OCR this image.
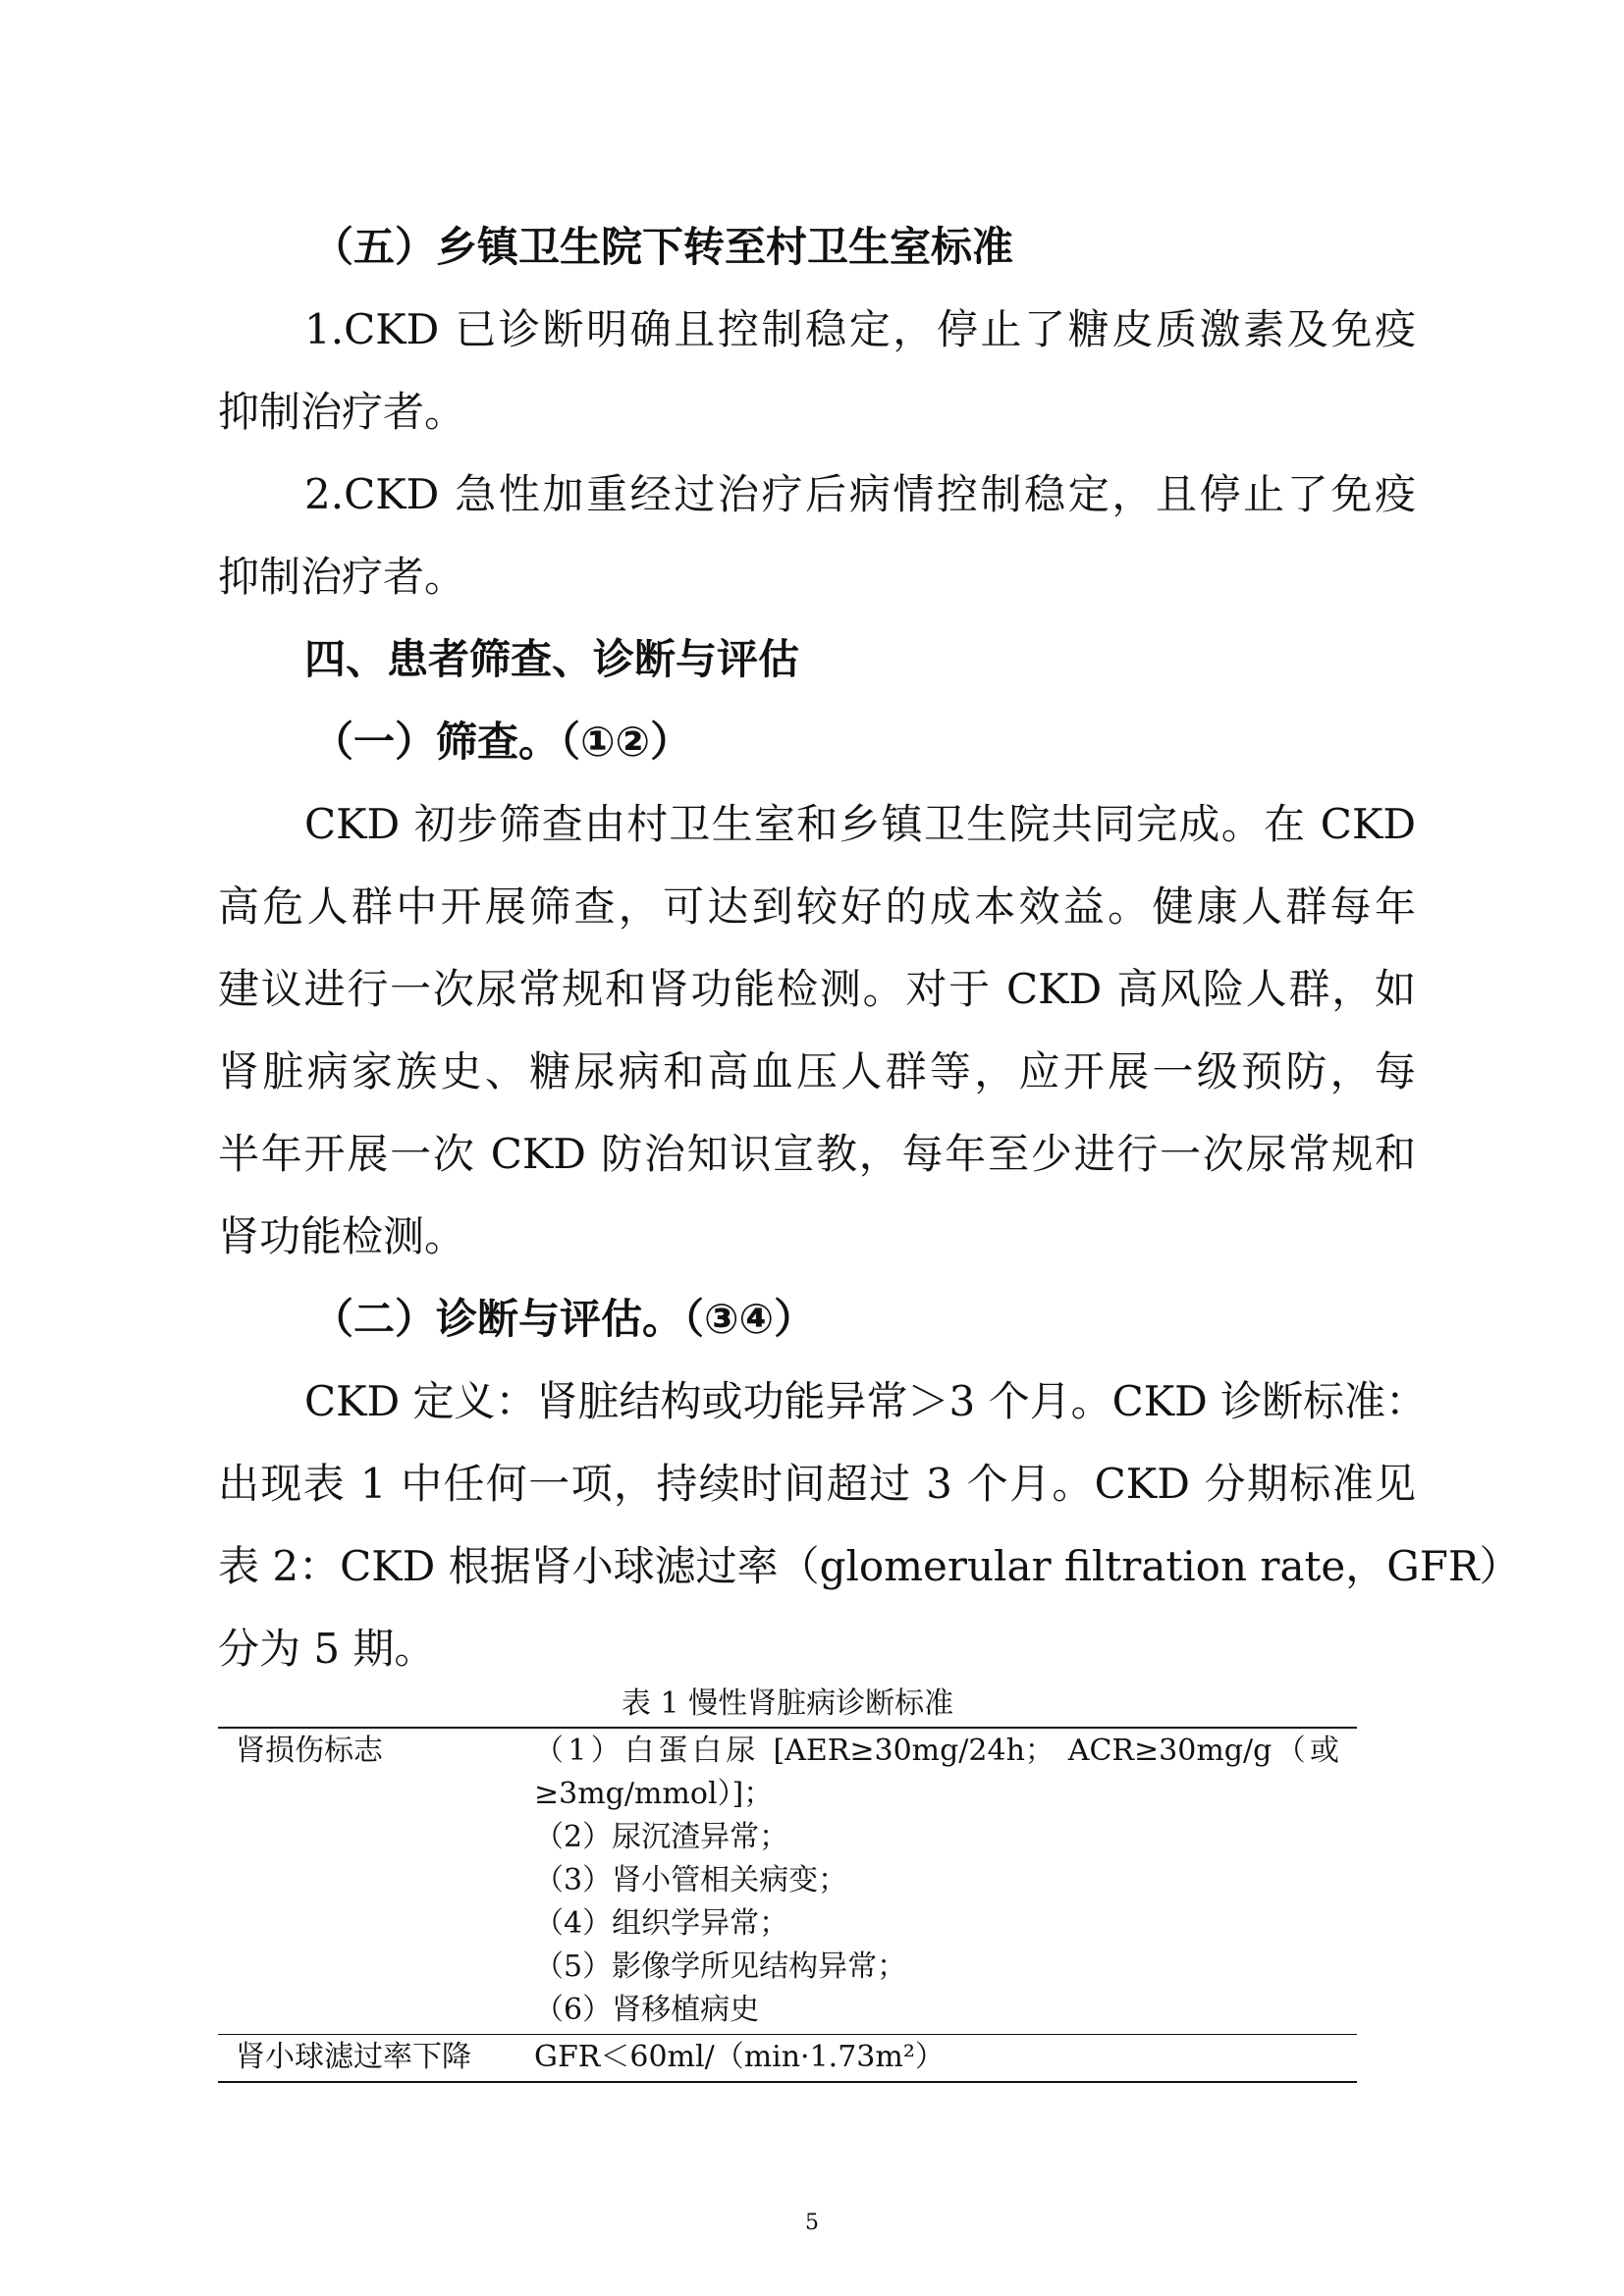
（五）乡镇卫生院下转至村卫生室标准
1.CKD 已诊断明确且控制稳定，停止了糖皮质激素及免疫
抑制治疗者。
2.CKD 急性加重经过治疗后病情控制稳定，且停止了免疫
抑制治疗者。
四、患者筛查、诊断与评估
（一）筛查。（①②）
CKD 初步筛查由村卫生室和乡镇卫生院共同完成。在 CKD
高危人群中开展筛查，可达到较好的成本效益。健康人群每年
建议进行一次尿常规和肾功能检测。对于 CKD 高风险人群，如
肾脏病家族史、糖尿病和高血压人群等，应开展一级预防，每
半年开展一次 CKD 防治知识宣教，每年至少进行一次尿常规和
肾功能检测。
（二）诊断与评估。（③④）
CKD 定义：肾脏结构或功能异常＞3 个月。CKD 诊断标准：
出现表 1 中任何一项，持续时间超过 3 个月。CKD 分期标准见
表 2：CKD 根据肾小球滤过率（glomerular filtration rate，GFR）
分为 5 期。
表 1 慢性肾脏病诊断标准
肾损伤标志	（1）白蛋白尿 [AER≥30mg/24h； ACR≥30mg/g（或
≥3mg/mmol）]；
（2）尿沉渣异常；
（3）肾小管相关病变；
（4）组织学异常；
（5）影像学所见结构异常；
（6）肾移植病史
肾小球滤过率下降 GFR＜60ml/（min·1.73m²）
5
